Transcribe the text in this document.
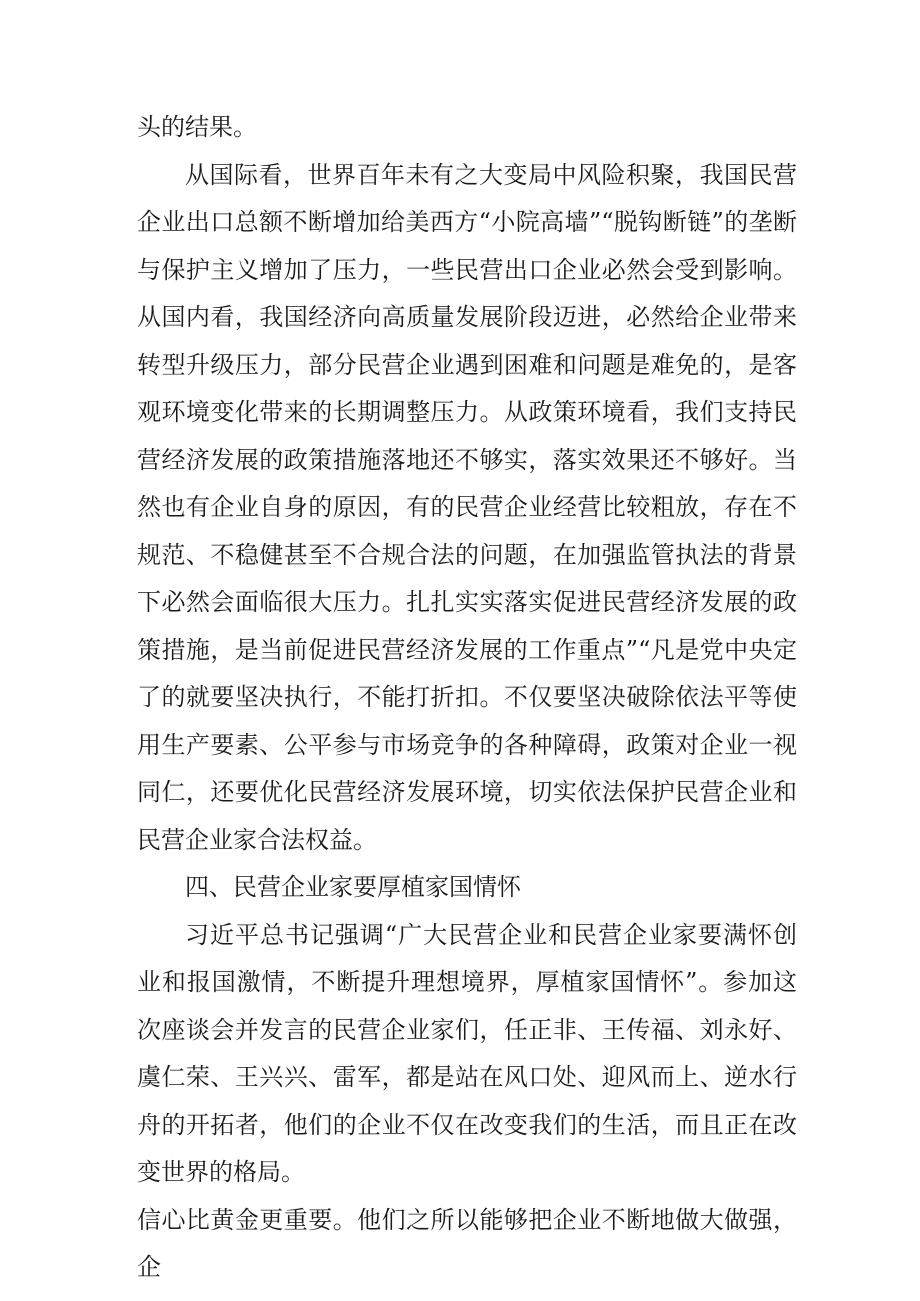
头的结果。

从国际看，世界百年未有之大变局中风险积聚，我国民营企业出口总额不断增加给美西方“小院高墙”“脱钩断链”的垄断与保护主义增加了压力，一些民营出口企业必然会受到影响。从国内看，我国经济向高质量发展阶段迈进，必然给企业带来转型升级压力，部分民营企业遇到困难和问题是难免的，是客观环境变化带来的长期调整压力。从政策环境看，我们支持民营经济发展的政策措施落地还不够实，落实效果还不够好。当然也有企业自身的原因，有的民营企业经营比较粗放，存在不规范、不稳健甚至不合规合法的问题，在加强监管执法的背景下必然会面临很大压力。扎扎实实落实促进民营经济发展的政策措施，是当前促进民营经济发展的工作重点”“凡是党中央定了的就要坚决执行，不能打折扣。不仅要坚决破除依法平等使用生产要素、公平参与市场竞争的各种障碍，政策对企业一视同仁，还要优化民营经济发展环境，切实依法保护民营企业和民营企业家合法权益。

四、民营企业家要厚植家国情怀

习近平总书记强调“广大民营企业和民营企业家要满怀创业和报国激情，不断提升理想境界，厚植家国情怀”。参加这次座谈会并发言的民营企业家们，任正非、王传福、刘永好、虞仁荣、王兴兴、雷军，都是站在风口处、迎风而上、逆水行舟的开拓者，他们的企业不仅在改变我们的生活，而且正在改变世界的格局。

信心比黄金更重要。他们之所以能够把企业不断地做大做强，企
